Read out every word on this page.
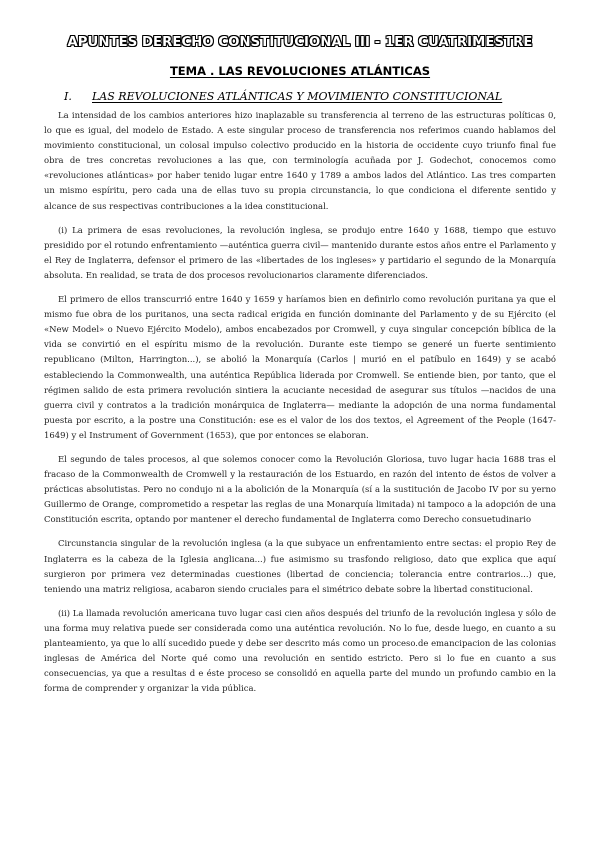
APUNTES DERECHO CONSTITUCIONAL III - 1ER CUATRIMESTRE
TEMA . LAS REVOLUCIONES ATLÁNTICAS
I.	LAS REVOLUCIONES ATLÁNTICAS Y MOVIMIENTO CONSTITUCIONAL

La intensidad de los cambios anteriores hizo inaplazable su transferencia al terreno de las estructuras políticas 0, lo que es igual, del modelo de Estado. A este singular proceso de transferencia nos referimos cuando hablamos del movimiento constitucional, un colosal impulso colectivo producido en la historia de occidente cuyo triunfo final fue obra de tres concretas revoluciones a las que, con terminología acuñada por J. Godechot, conocemos como «revoluciones atlánticas» por haber tenido lugar entre 1640 y 1789 a ambos lados del Atlántico. Las tres comparten un mismo espíritu, pero cada una de ellas tuvo su propia circunstancia, lo que condiciona el diferente sentido y alcance de sus respectivas contribuciones a la idea constitucional.

(i) La primera de esas revoluciones, la revolución inglesa, se produjo entre 1640 y 1688, tiempo que estuvo presidido por el rotundo enfrentamiento —auténtica guerra civil— mantenido durante estos años entre el Parlamento y el Rey de Inglaterra, defensor el primero de las «libertades de los ingleses» y partidario el segundo de la Monarquía absoluta. En realidad, se trata de dos procesos revolucionarios claramente diferenciados.

El primero de ellos transcurrió entre 1640 y 1659 y haríamos bien en definirlo como revolución puritana ya que el mismo fue obra de los puritanos, una secta radical erigida en función dominante del Parlamento y de su Ejército (el «New Model» o Nuevo Ejército Modelo), ambos encabezados por Cromwell, y cuya singular concepción bíblica de la vida se convirtió en el espíritu mismo de la revolución. Durante este tiempo se generé un fuerte sentimiento republicano (Milton, Harrington...), se abolió la Monarquía (Carlos | murió en el patíbulo en 1649) y se acabó estableciendo la Commonwealth, una auténtica República liderada por Cromwell. Se entiende bien, por tanto, que el régimen salido de esta primera revolución sintiera la acuciante necesidad de asegurar sus títulos —nacidos de una guerra civil y contratos a la tradición monárquica de Inglaterra— mediante la adopción de una norma fundamental puesta por escrito, a la postre una Constitución: ese es el valor de los dos textos, el Agreement of the People (1647-1649) y el Instrument of Government (1653), que por entonces se elaboran.

El segundo de tales procesos, al que solemos conocer como la Revolución Gloriosa, tuvo lugar hacia 1688 tras el fracaso de la Commonwealth de Cromwell y la restauración de los Estuardo, en razón del intento de éstos de volver a prácticas absolutistas. Pero no condujo ni a la abolición de la Monarquía (sí a la sustitución de Jacobo IV por su yerno Guillermo de Orange, comprometido a respetar las reglas de una Monarquía limitada) ni tampoco a la adopción de una Constitución escrita, optando por mantener el derecho fundamental de Inglaterra como Derecho consuetudinario

Circunstancia singular de la revolución inglesa (a la que subyace un enfrentamiento entre sectas: el propio Rey de Inglaterra es la cabeza de la Iglesia anglicana...) fue asimismo su trasfondo religioso, dato que explica que aquí surgieron por primera vez determinadas cuestiones (libertad de conciencia; tolerancia entre contrarios...) que, teniendo una matriz religiosa, acabaron siendo cruciales para el simétrico debate sobre la libertad constitucional.

(ii) La llamada revolución americana tuvo lugar casi cien años después del triunfo de la revolución inglesa y sólo de una forma muy relativa puede ser considerada como una auténtica revolución. No lo fue, desde luego, en cuanto a su planteamiento, ya que lo allí sucedido puede y debe ser descrito más como un proceso.de emancipacion de las colonias inglesas de América del Norte qué como una revolución en sentido estricto. Pero si lo fue en cuanto a sus consecuencias, ya que a resultas d e éste proceso se consolidó en aquella parte del mundo un profundo cambio en la forma de comprender y organizar la vida pública.
